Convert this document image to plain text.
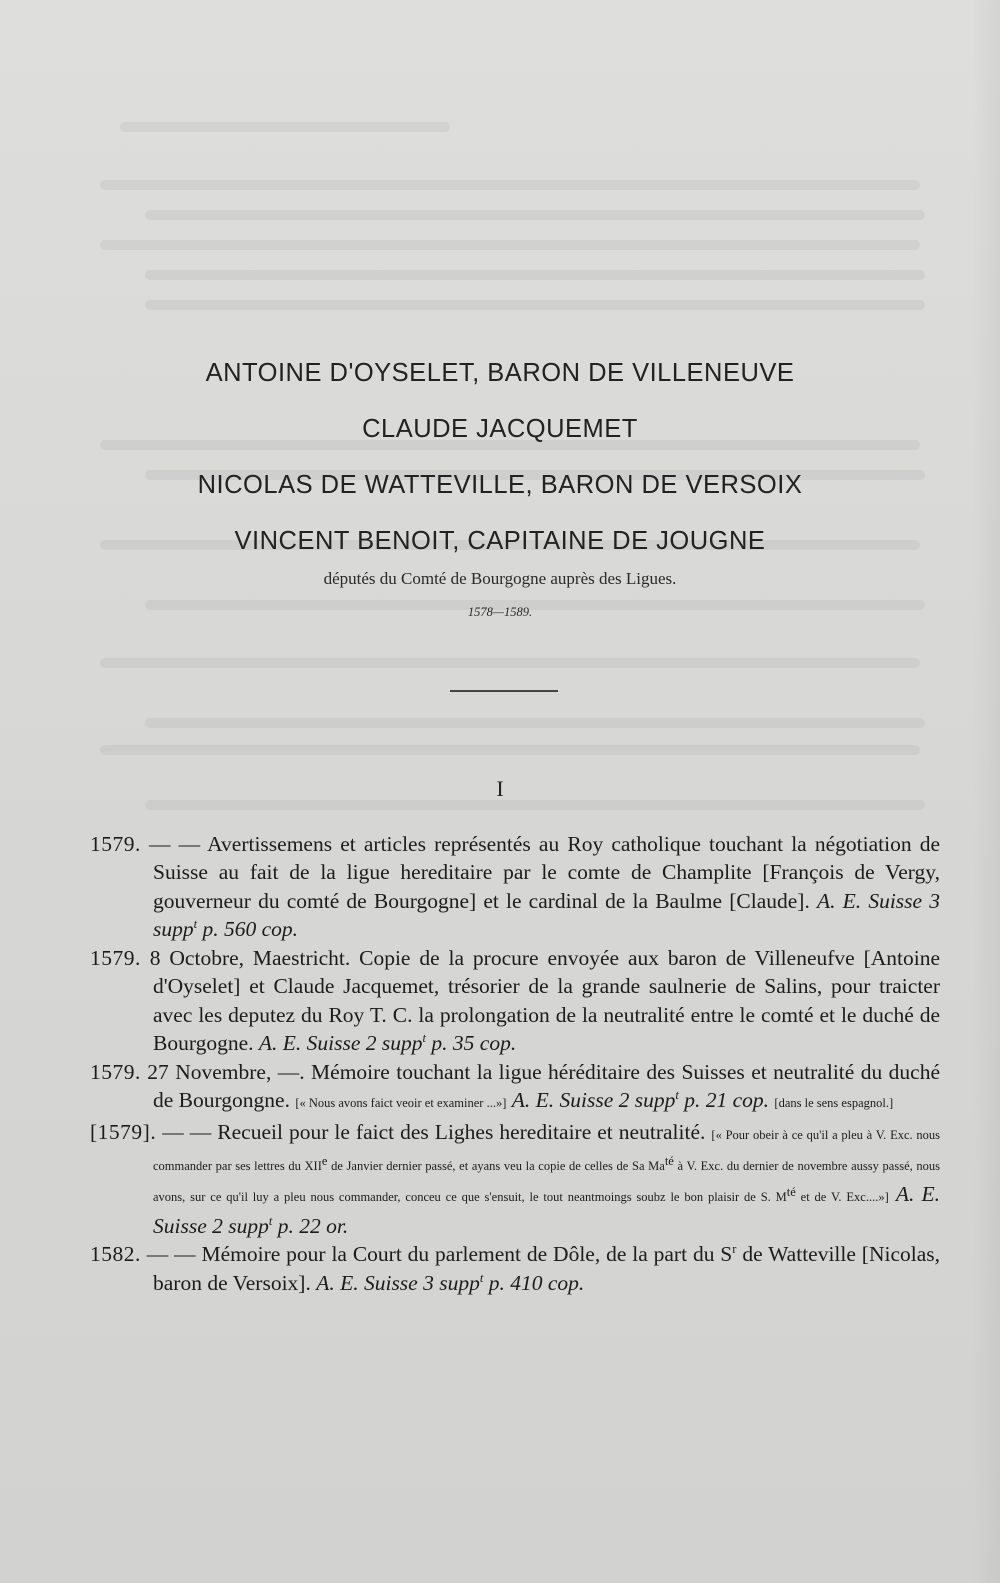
ANTOINE D'OYSELET, BARON DE VILLENEUVE
CLAUDE JACQUEMET
NICOLAS DE WATTEVILLE, BARON DE VERSOIX
VINCENT BENOIT, CAPITAINE DE JOUGNE

députés du Comté de Bourgogne auprès des Ligues.

1578—1589.
I

1579. — — Avertissemens et articles représentés au Roy catholique touchant la négotiation de Suisse au fait de la ligue hereditaire par le comte de Champlite [François de Vergy, gouverneur du comté de Bourgogne] et le cardinal de la Baulme [Claude]. A. E. Suisse 3 supp$^t$ p. 560 cop.

1579. 8 Octobre, Maestricht. Copie de la procure envoyée aux baron de Villeneufve [Antoine d'Oyselet] et Claude Jacquemet, trésorier de la grande saulnerie de Salins, pour traicter avec les deputez du Roy T. C. la prolongation de la neutralité entre le comté et le duché de Bourgogne. A. E. Suisse 2 supp$^t$ p. 35 cop.

1579. 27 Novembre, —. Mémoire touchant la ligue héréditaire des Suisses et neutralité du duché de Bourgongne. [« Nous avons faict veoir et examiner ...»] A. E. Suisse 2 supp$^t$ p. 21 cop. [dans le sens espagnol.]

[1579]. — — Recueil pour le faict des Lighes hereditaire et neutralité. [« Pour obeir à ce qu'il a pleu à V. Exc. nous commander par ses lettres du XIIe de Janvier dernier passé, et ayans veu la copie de celles de Sa $Ma^{té}$ à V. Exc. du dernier de novembre aussy passé, nous avons, sur ce qu'il luy a pleu nous commander, conceu ce que s'ensuit, le tout neantmoings soubz le bon plaisir de S. $M^{té}$ et de V. Exc....»] A. E. Suisse 2 supp$^t$ p. 22 or.

1582. — — Mémoire pour la Court du parlement de Dôle, de la part du $S^r$ de Watteville [Nicolas, baron de Versoix]. A. E. Suisse 3 supp$^t$ p. 410 cop.
